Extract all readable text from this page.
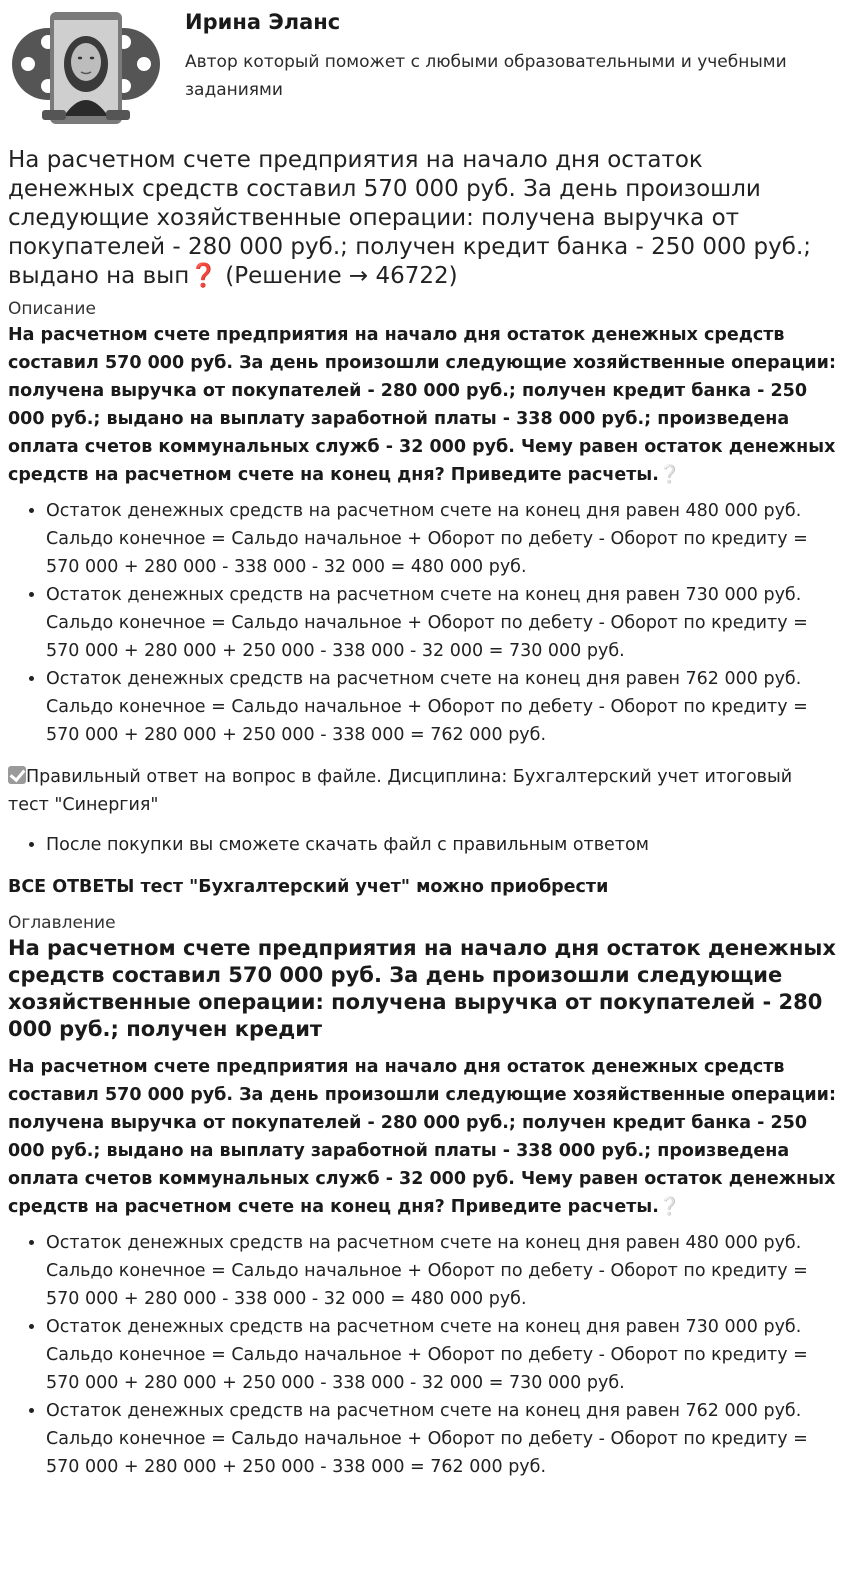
Ирина Эланс
Автор который поможет с любыми образовательными и учебными заданиями
На расчетном счете предприятия на начало дня остаток денежных средств составил 570 000 руб. За день произошли следующие хозяйственные операции: получена выручка от покупателей - 280 000 руб.; получен кредит банка - 250 000 руб.; выдано на вып❓ (Решение → 46722)
Описание
На расчетном счете предприятия на начало дня остаток денежных средств составил 570 000 руб. За день произошли следующие хозяйственные операции: получена выручка от покупателей - 280 000 руб.; получен кредит банка - 250 000 руб.; выдано на выплату заработной платы - 338 000 руб.; произведена оплата счетов коммунальных служб - 32 000 руб. Чему равен остаток денежных средств на расчетном счете на конец дня? Приведите расчеты.❔
• Остаток денежных средств на расчетном счете на конец дня равен 480 000 руб. Сальдо конечное = Сальдо начальное + Оборот по дебету - Оборот по кредиту = 570 000 + 280 000 - 338 000 - 32 000 = 480 000 руб.
• Остаток денежных средств на расчетном счете на конец дня равен 730 000 руб. Сальдо конечное = Сальдо начальное + Оборот по дебету - Оборот по кредиту = 570 000 + 280 000 + 250 000 - 338 000 - 32 000 = 730 000 руб.
• Остаток денежных средств на расчетном счете на конец дня равен 762 000 руб. Сальдо конечное = Сальдо начальное + Оборот по дебету - Оборот по кредиту = 570 000 + 280 000 + 250 000 - 338 000 = 762 000 руб.
Правильный ответ на вопрос в файле. Дисциплина: Бухгалтерский учет итоговый тест "Синергия"
• После покупки вы сможете скачать файл с правильным ответом
ВСЕ ОТВЕТЫ тест "Бухгалтерский учет" можно приобрести
Оглавление
На расчетном счете предприятия на начало дня остаток денежных средств составил 570 000 руб. За день произошли следующие хозяйственные операции: получена выручка от покупателей - 280 000 руб.; получен кредит
На расчетном счете предприятия на начало дня остаток денежных средств составил 570 000 руб. За день произошли следующие хозяйственные операции: получена выручка от покупателей - 280 000 руб.; получен кредит банка - 250 000 руб.; выдано на выплату заработной платы - 338 000 руб.; произведена оплата счетов коммунальных служб - 32 000 руб. Чему равен остаток денежных средств на расчетном счете на конец дня? Приведите расчеты.❔
• Остаток денежных средств на расчетном счете на конец дня равен 480 000 руб. Сальдо конечное = Сальдо начальное + Оборот по дебету - Оборот по кредиту = 570 000 + 280 000 - 338 000 - 32 000 = 480 000 руб.
• Остаток денежных средств на расчетном счете на конец дня равен 730 000 руб. Сальдо конечное = Сальдо начальное + Оборот по дебету - Оборот по кредиту = 570 000 + 280 000 + 250 000 - 338 000 - 32 000 = 730 000 руб.
• Остаток денежных средств на расчетном счете на конец дня равен 762 000 руб. Сальдо конечное = Сальдо начальное + Оборот по дебету - Оборот по кредиту = 570 000 + 280 000 + 250 000 - 338 000 = 762 000 руб.
